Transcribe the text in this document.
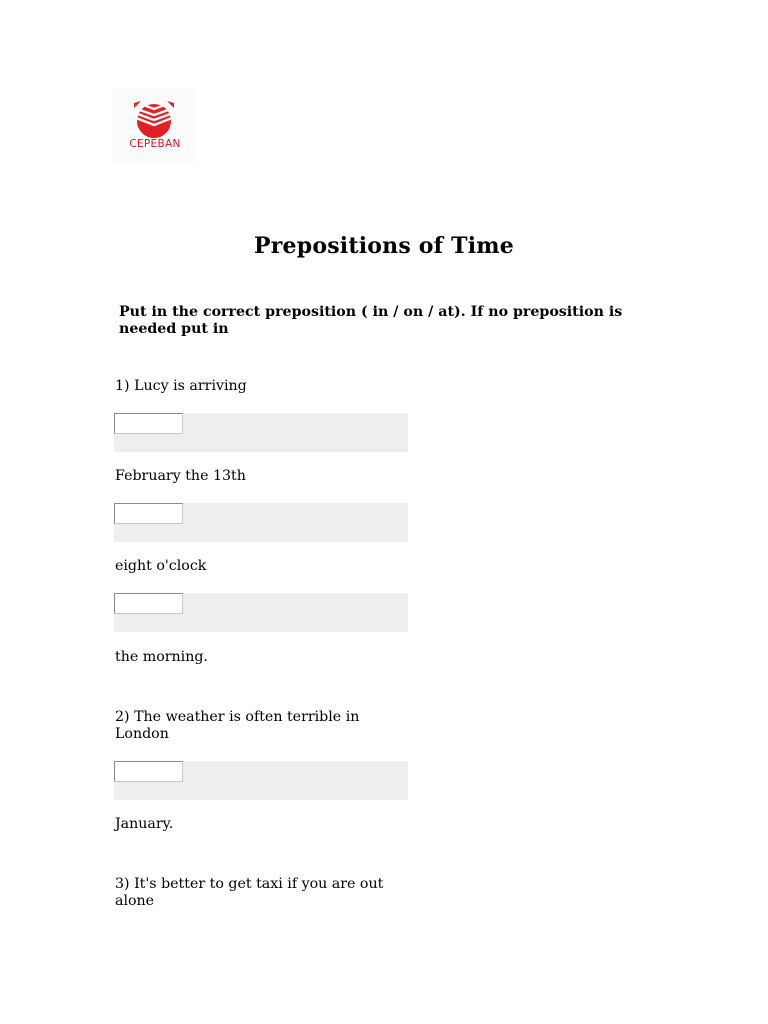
CEPEBAN
Prepositions of Time
Put in the correct preposition ( in / on / at). If no preposition is needed put in
1) Lucy is arriving
February the 13th
eight o'clock
the morning.
2) The weather is often terrible in London
January.
3) It's better to get taxi if you are out alone
